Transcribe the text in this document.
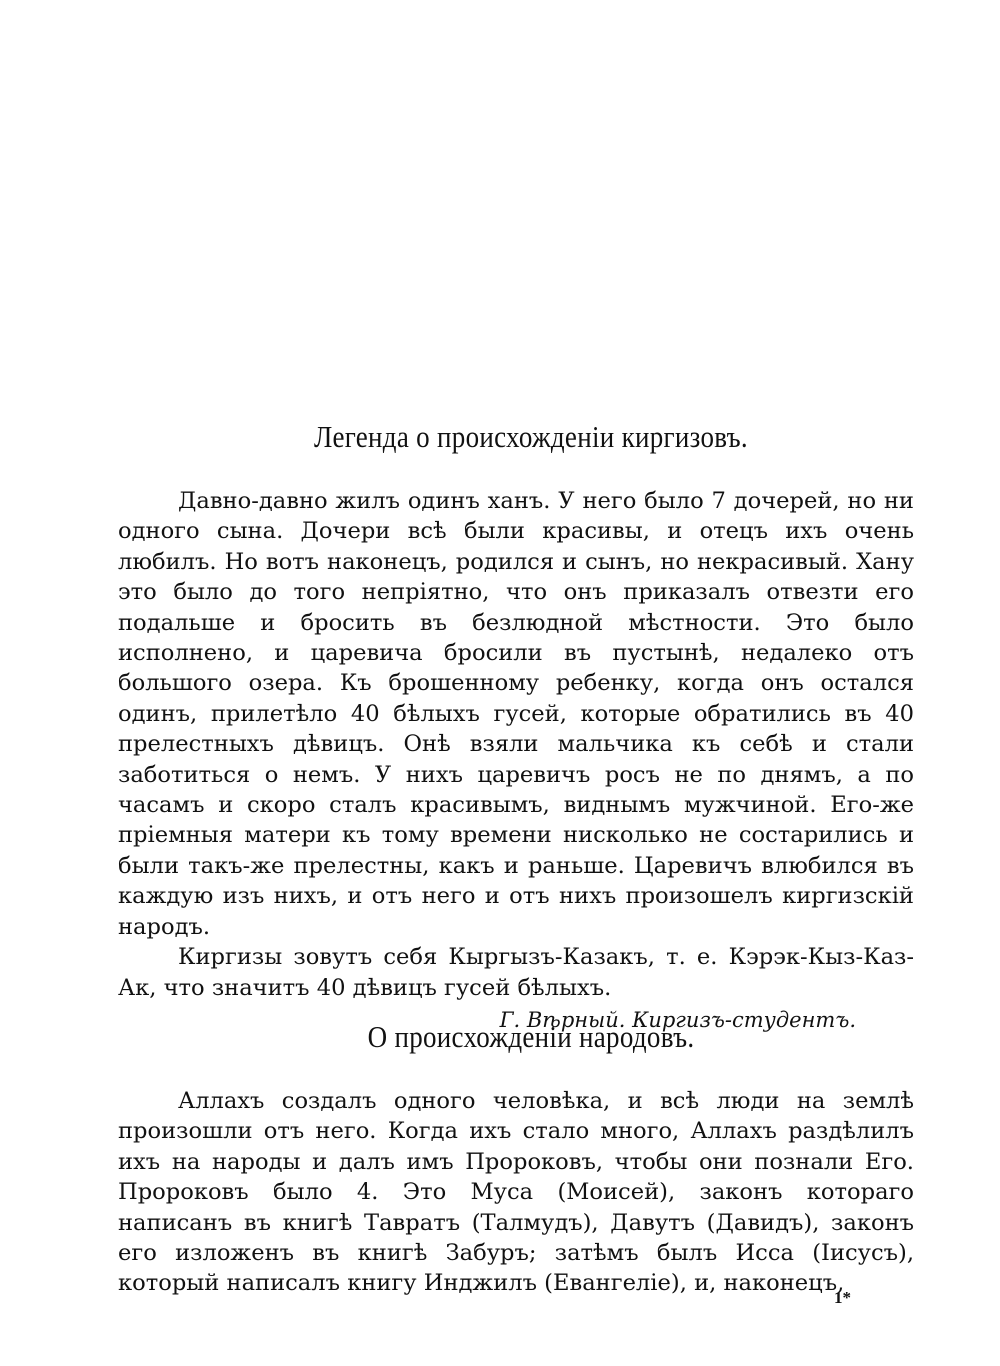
Легенда о происхожденіи киргизовъ.

Давно-давно жилъ одинъ ханъ. У него было 7 дочерей, но ни одного сына. Дочери всѣ были красивы, и отецъ ихъ очень любилъ. Но вотъ наконецъ, родился и сынъ, но некрасивый. Хану это было до того непріятно, что онъ приказалъ отвезти его подальше и бросить въ безлюдной мѣстности. Это было исполнено, и царевича бросили въ пустынѣ, недалеко отъ большого озера. Къ брошенному ребенку, когда онъ остался одинъ, прилетѣло 40 бѣлыхъ гусей, которые обратились въ 40 прелестныхъ дѣвицъ. Онѣ взяли мальчика къ себѣ и стали заботиться о немъ. У нихъ царевичъ росъ не по днямъ, а по часамъ и скоро сталъ красивымъ, виднымъ мужчиной. Его-же пріемныя матери къ тому времени нисколько не состарились и были такъ-же прелестны, какъ и раньше. Царевичъ влюбился въ каждую изъ нихъ, и отъ него и отъ нихъ произошелъ киргизскій народъ.

Киргизы зовутъ себя Кыргызъ-Казакъ, т. е. Кэрэк-Кыз-Каз-Ак, что значитъ 40 дѣвицъ гусей бѣлыхъ.

Г. Вѣрный. Киргизъ-студентъ.

О происхожденіи народовъ.

Аллахъ создалъ одного человѣка, и всѣ люди на землѣ произошли отъ него. Когда ихъ стало много, Аллахъ раздѣлилъ ихъ на народы и далъ имъ Пророковъ, чтобы они познали Его. Пророковъ было 4. Это Муса (Моисей), законъ котораго написанъ въ книгѣ Тавратъ (Талмудъ), Давутъ (Давидъ), законъ его изложенъ въ книгѣ Забуръ; затѣмъ былъ Исса (Іисусъ), который написалъ книгу Инджилъ (Евангеліе), и, наконецъ,

1*
